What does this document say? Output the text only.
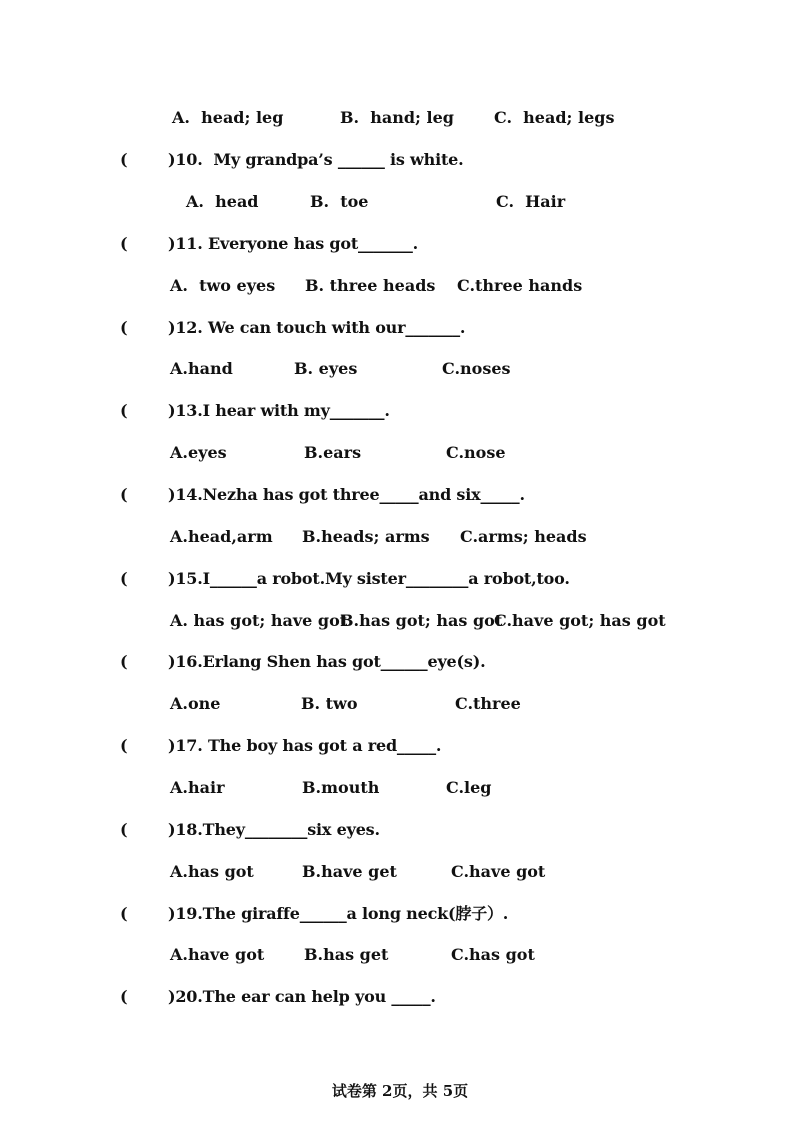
A.  head; leg	B.  hand; leg	C.  head; legs
(	)10.  My grandpa’s ______ is white.
A.  head	B.  toe	C.  Hair
(	)11. Everyone has got_______.
A.  two eyes B. three heads C.three hands
(	)12. We can touch with our_______.
A.hand	B. eyes	C.noses
(	)13.I hear with my_______.
A.eyes	B.ears	C.nose
(	)14.Nezha has got three_____and six_____.
A.head,arm B.heads; arms C.arms; heads
(	)15.I______a robot.My sister________a robot,too.
A. has got; have got
B.has got; has got
C.have got; has got
(	)16.Erlang Shen has got______eye(s).
A.one	B. two	C.three
(	)17. The boy has got a red_____.
A.hair	B.mouth	C.leg
(	)18.They________six eyes.
A.has got	B.have get	C.have got
(	)19.The giraffe______a long neck(脖子）.
A.have got B.has get	C.has got
(	)20.The ear can help you _____.
试卷第 2页，共 5页
